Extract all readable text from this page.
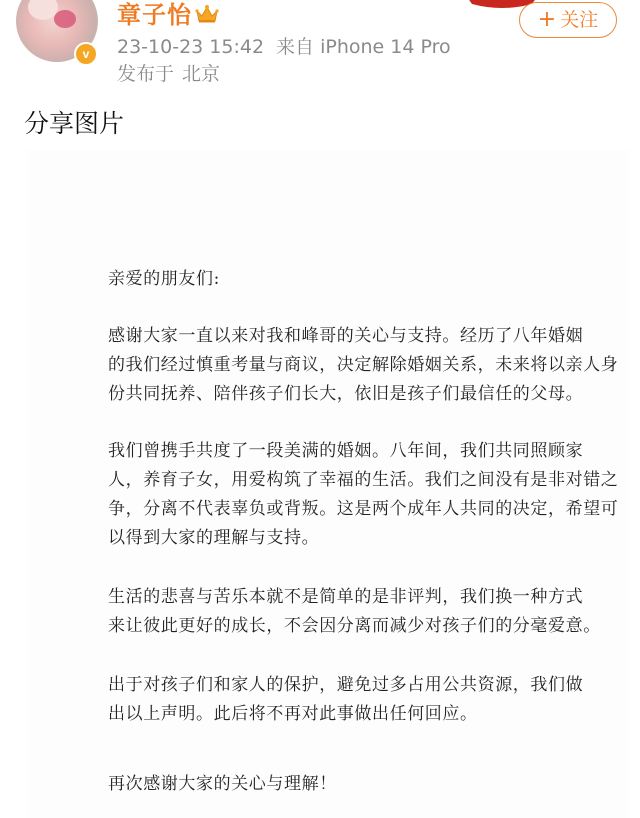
v
章子怡
23-10-23 15:42 来自 iPhone 14 Pro
发布于 北京
+ 关注
分享图片

亲爱的朋友们:

感谢大家一直以来对我和峰哥的关心与支持。经历了八年婚姻
的我们经过慎重考量与商议，决定解除婚姻关系，未来将以亲人身
份共同抚养、陪伴孩子们长大，依旧是孩子们最信任的父母。

我们曾携手共度了一段美满的婚姻。八年间，我们共同照顾家
人，养育子女，用爱构筑了幸福的生活。我们之间没有是非对错之
争，分离不代表辜负或背叛。这是两个成年人共同的决定，希望可
以得到大家的理解与支持。

生活的悲喜与苦乐本就不是简单的是非评判，我们换一种方式
来让彼此更好的成长，不会因分离而减少对孩子们的分毫爱意。

出于对孩子们和家人的保护，避免过多占用公共资源，我们做
出以上声明。此后将不再对此事做出任何回应。

再次感谢大家的关心与理解！
